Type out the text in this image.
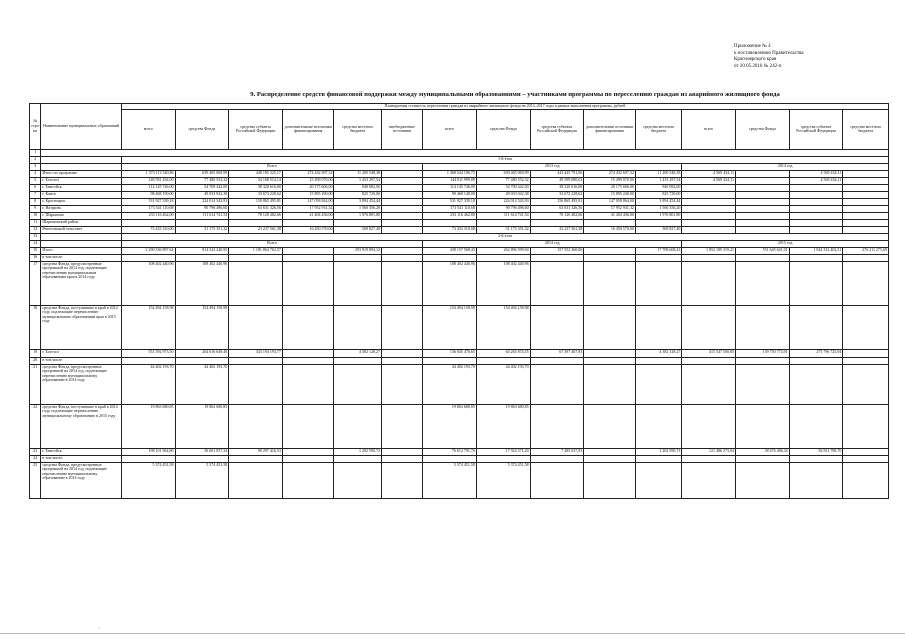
Приложение № 4
к постановлению Правительства
Красноярского края
от 20.05.2016 № 242-п
9. Распределение средств финансовой поддержки между муниципальными образованиями – участниками программы по переселению граждан из аварийного жилищного фонда
№ стро-ки	Наименование муниципальных образований	Планируемая стоимость переселения граждан из аварийного жилищного фонда на 2013–2017 годы в рамках выполнения программы, рублей														
		всего	средства Фонда	средства субъекта Российской Федерации	дополнительные источники финансирования	средства местного бюджета	внебюджетные источники	всего	средства Фонда	средства субъекта Российской Федерации	дополнительные источники финансирования	средства местного бюджета	всего	средства Фонда	средства субъекта Российской Федерации	средства местного бюджета
1																
2		1-й этап														
3		Всего						2013 год					2014 год			
4	Итого по программе	1 373 113 540,86	639 465 069,99	448 185 225,17	274 432 697,32	11 200 548,38		1 368 544 106,75	639 465 069,99	443 445 791,06	274 432 697,32	11 200 548,38	4 569 434,11		4 569 434,11	
5	г. Боготол	148 581 434,00	77 480 552,32	34 168 514,14	15 499 070,00	1 433 297,54		144 011 999,89	77 480 552,32	49 599 080,03	15 499 070,00	1 433 297,54	4 569 434,11		4 569 434,11	
6	г. Енисейск	114 145 746,00	54 709 442,00	38 320 616,00	20 175 606,00	940 082,00		114 145 746,00	54 709 442,00	38 320 616,00	20 175 606,00	940 082,00				
7	г. Канск	98 468 190,00	49 033 942,38	33 673 228,62	15 895 290,00	825 729,00		98 468 140,00	49 033 942,38	33 673 228,62	15 895 240,00	825 729,00				
8	г. Красноярск	531 927 339,18	224 014 543,93	150 865 495,81	147 058 844,00	3 894 454,44		531 927 339,18	224 014 543,93	156 865 495,81	147 058 864,00	3 894 454,44				
9	г. Назарово	173 541 110,68	90 796 496,60	63 631 326,56	17 952 931,32	1 560 356,20		173 541 110,68	90 796 496,60	63 631 326,56	17 952 931,32	1 560 356,20				
10	г. Шарыпово	233 116 462,00	111 614 741,54	78 120 482,66	41 404 436,00	1 976 801,80		233 116 462,00	111 614 741,54	78 120 482,66	41 404 436,00	1 976 801,80				
11	Шарыповский район															
12	Решетовский сельсовет	73 433 310,00	31 175 351,32	23 237 561,38	16 450 570,00	569 827,40		73 433 310,00	31 175 351,32	23 237 561,38	16 450 570,00	569 827,40				
13		2-й этап														
14		Всего						2014 год					2015 год			
15	Итого	2 290 336 897,64	814 542 240,95	1 181 864 762,57		293 919 894,12		438 157 568,43	262 896 599,94	157 552 360,06		17 708 608,43	1 852 189 319,21	551 645 641,01	1 024 332 402,51	276 211 275,69
16	в том числе:															
17	средства Фонда, предусмотренные программой на 2014 год, подлежащие перечислению муниципальным образованиям края в 2014 году	108 402 440,96	108 402 440,96					108 402 440,96	108 402 440,96							
18	средства Фонда, поступившие в край в 2014 году, подлежащие перечислению муниципальным образованиям края в 2015 году	154 494 158,98	154 494 158,98					154 494 158,98	154 494 158,98							
19	г. Боготол	551 592 973,50	204 016 649,46	343 194 193,77		4 382 128,27		136 045 470,65	64 265 874,55	67 397 467,83		4 382 128,27	415 547 500,85	139 750 774,91	275 796 725,94	
20	в том числе:															
21	средства Фонда, предусмотренные программой на 2014 год, подлежащие перечислению муниципальному образованию в 2014 году	44 402 193,70	44 402 193,70					44 402 193,70	44 402 193,70							
22	средства Фонда, поступившие в край в 2014 году, подлежащие перечислению муниципальному образованию в 2015 году	19 863 680,85	19 863 680,85					19 863 680,85	19 863 680,85							
23	г. Енисейск	198 101 964,80	56 601 057,34	90 297 416,53		1 202 590,73		76 612 791,76	17 924 571,20	7 485 637,83		1 202 590,73	121 486 273,04	38 676 486,34	82 811 788,70	
24	в том числе:															
25	средства Фонда, предусмотренные программой на 2014 год, подлежащие перечислению муниципальному образованию в 2014 году	5 374 451,58	5 374 451,58					5 374 451,58	5 374 451,58							
·
